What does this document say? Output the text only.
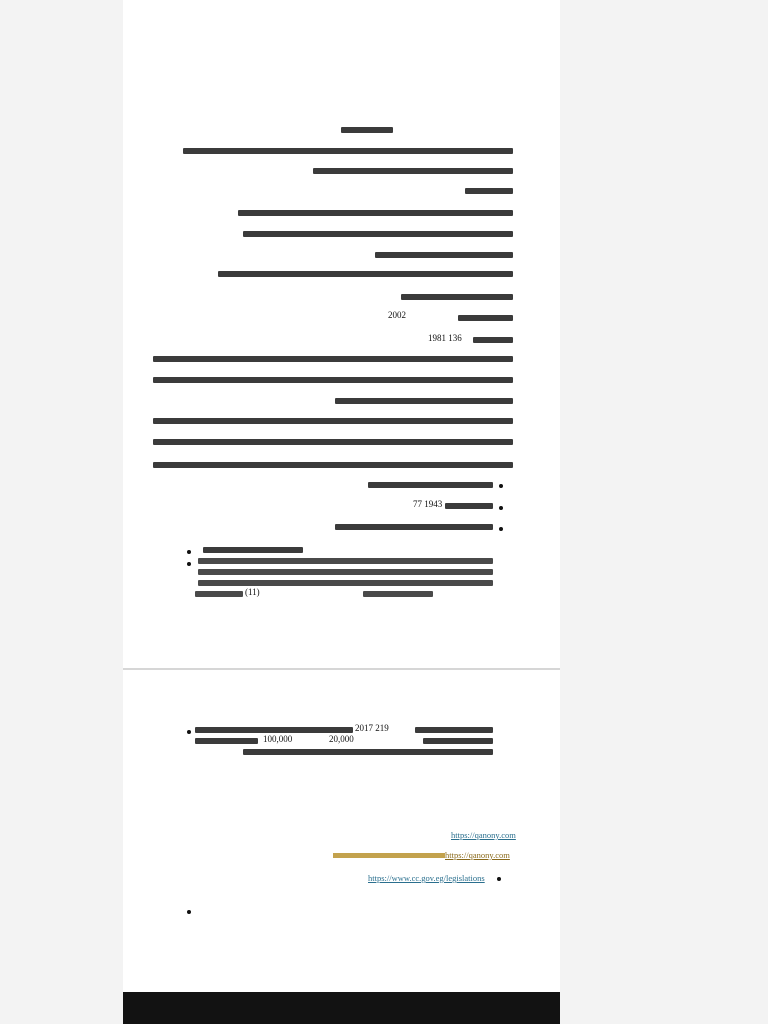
2002
1981 136
77 1943
(11)
2017 219
20,000
100,000
https://qanony.com
https://qanony.com
https://www.cc.gov.eg/legislations
